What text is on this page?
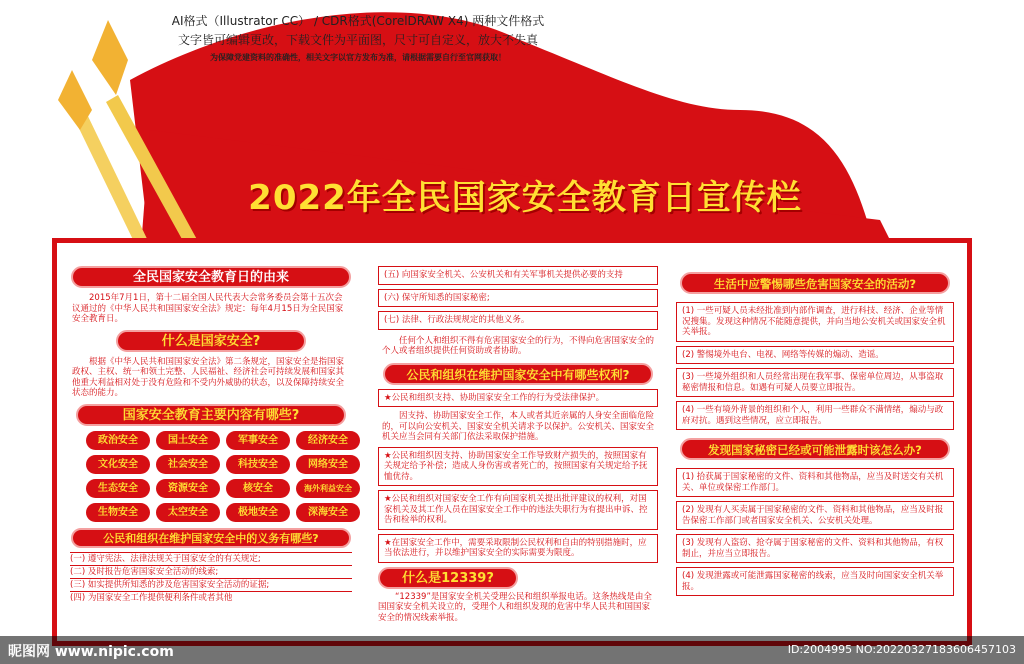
AI格式（Illustrator CC） / CDR格式(CorelDRAW X4) 两种文件格式
文字皆可编辑更改，下载文件为平面图，尺寸可自定义，放大不失真
为保障党建资料的准确性，相关文字以官方发布为准，请根据需要自行至官网获取！
2022年全民国家安全教育日宣传栏
全民国家安全教育日的由来
2015年7月1日，第十二届全国人民代表大会常务委员会第十五次会议通过的《中华人民共和国国家安全法》规定：每年4月15日为全民国家安全教育日。
什么是国家安全?
根据《中华人民共和国国家安全法》第二条规定，国家安全是指国家政权、主权、统一和领土完整、人民福祉、经济社会可持续发展和国家其他重大利益相对处于没有危险和不受内外威胁的状态，以及保障持续安全状态的能力。
国家安全教育主要内容有哪些?
政治安全	国土安全	军事安全	经济安全
文化安全	社会安全	科技安全	网络安全
生态安全	资源安全	核安全	海外利益安全
生物安全	太空安全	极地安全	深海安全
公民和组织在维护国家安全中的义务有哪些?
(一) 遵守宪法、法律法规关于国家安全的有关规定;
(二) 及时报告危害国家安全活动的线索;
(三) 如实提供所知悉的涉及危害国家安全活动的证据;
(四) 为国家安全工作提供便利条件或者其他
(五) 向国家安全机关、公安机关和有关军事机关提供必要的支持
(六) 保守所知悉的国家秘密;
(七) 法律、行政法规规定的其他义务。
任何个人和组织不得有危害国家安全的行为，不得向危害国家安全的个人或者组织提供任何资助或者协助。
公民和组织在维护国家安全中有哪些权利?
★公民和组织支持、协助国家安全工作的行为受法律保护。
因支持、协助国家安全工作，本人或者其近亲属的人身安全面临危险的，可以向公安机关、国家安全机关请求予以保护。公安机关、国家安全机关应当会同有关部门依法采取保护措施。
★公民和组织因支持、协助国家安全工作导致财产损失的，按照国家有关规定给予补偿；造成人身伤害或者死亡的，按照国家有关规定给予抚恤优待。
★公民和组织对国家安全工作有向国家机关提出批评建议的权利，对国家机关及其工作人员在国家安全工作中的违法失职行为有提出申诉、控告和检举的权利。
★在国家安全工作中，需要采取限制公民权利和自由的特别措施时，应当依法进行，并以维护国家安全的实际需要为限度。
什么是12339?
“12339”是国家安全机关受理公民和组织举报电话。这条热线是由全国国家安全机关设立的，受理个人和组织发现的危害中华人民共和国国家安全的情况线索举报。
生活中应警惕哪些危害国家安全的活动?
(1) 一些可疑人员未经批准到内部作调查，进行科技、经济、企业等情况搜集。发现这种情况不能随意提供，并向当地公安机关或国家安全机关举报。
(2) 警惕境外电台、电视、网络等传媒的煽动、造谣。
(3) 一些境外组织和人员经常出现在我军事、保密单位周边，从事盗取秘密情报和信息。如遇有可疑人员要立即报告。
(4) 一些有境外背景的组织和个人，利用一些群众不满情绪，煽动与政府对抗。遇到这些情况，应立即报告。
发现国家秘密已经或可能泄露时该怎么办?
(1) 拾获属于国家秘密的文件、资料和其他物品，应当及时送交有关机关、单位或保密工作部门。
(2) 发现有人买卖属于国家秘密的文件、资料和其他物品，应当及时报告保密工作部门或者国家安全机关、公安机关处理。
(3) 发现有人盗窃、抢夺属于国家秘密的文件、资料和其他物品，有权制止，并应当立即报告。
(4) 发现泄露或可能泄露国家秘密的线索，应当及时向国家安全机关举报。
昵图网 www.nipic.com	ID:2004995 NO:20220327183606457103
